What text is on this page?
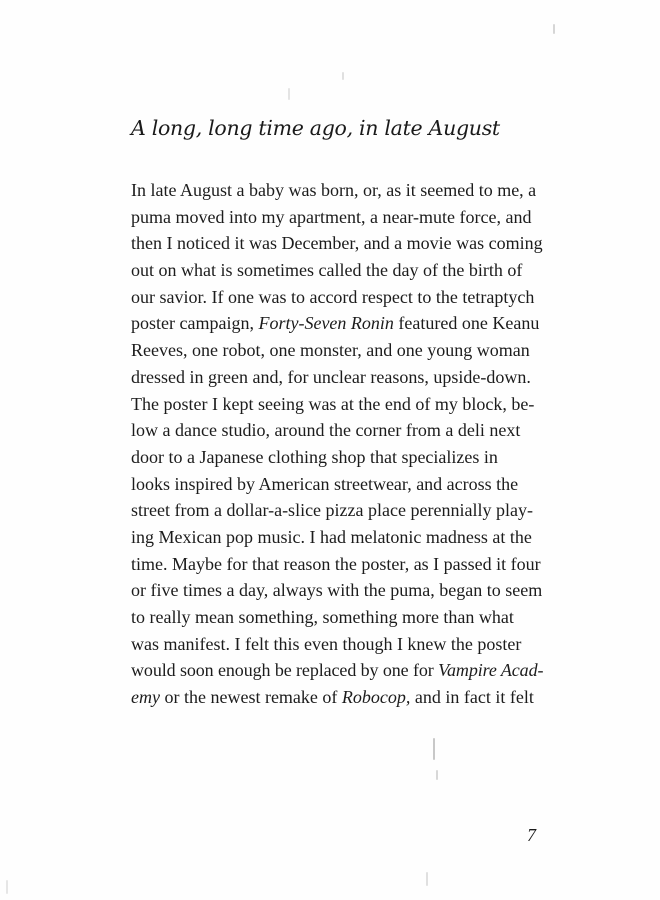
A long, long time ago, in late August
In late August a baby was born, or, as it seemed to me, a
puma moved into my apartment, a near-mute force, and
then I noticed it was December, and a movie was coming
out on what is sometimes called the day of the birth of
our savior. If one was to accord respect to the tetraptych
poster campaign, Forty-Seven Ronin featured one Keanu
Reeves, one robot, one monster, and one young woman
dressed in green and, for unclear reasons, upside-down.
The poster I kept seeing was at the end of my block, be-
low a dance studio, around the corner from a deli next
door to a Japanese clothing shop that specializes in
looks inspired by American streetwear, and across the
street from a dollar-a-slice pizza place perennially play-
ing Mexican pop music. I had melatonic madness at the
time. Maybe for that reason the poster, as I passed it four
or five times a day, always with the puma, began to seem
to really mean something, something more than what
was manifest. I felt this even though I knew the poster
would soon enough be replaced by one for Vampire Acad-
emy or the newest remake of Robocop, and in fact it felt
7
